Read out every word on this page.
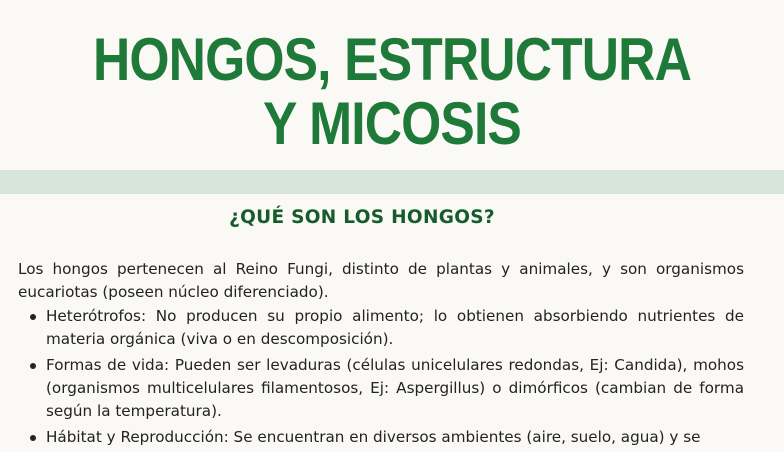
HONGOS, ESTRUCTURA
Y MICOSIS
¿QUÉ SON LOS HONGOS?

Los hongos pertenecen al Reino Fungi, distinto de plantas y animales, y son organismos eucariotas (poseen núcleo diferenciado).

Heterótrofos: No producen su propio alimento; lo obtienen absorbiendo nutrientes de materia orgánica (viva o en descomposición).
Formas de vida: Pueden ser levaduras (células unicelulares redondas, Ej: Candida), mohos (organismos multicelulares filamentosos, Ej: Aspergillus) o dimórficos (cambian de forma según la temperatura).
Hábitat y Reproducción: Se encuentran en diversos ambientes (aire, suelo, agua) y se
